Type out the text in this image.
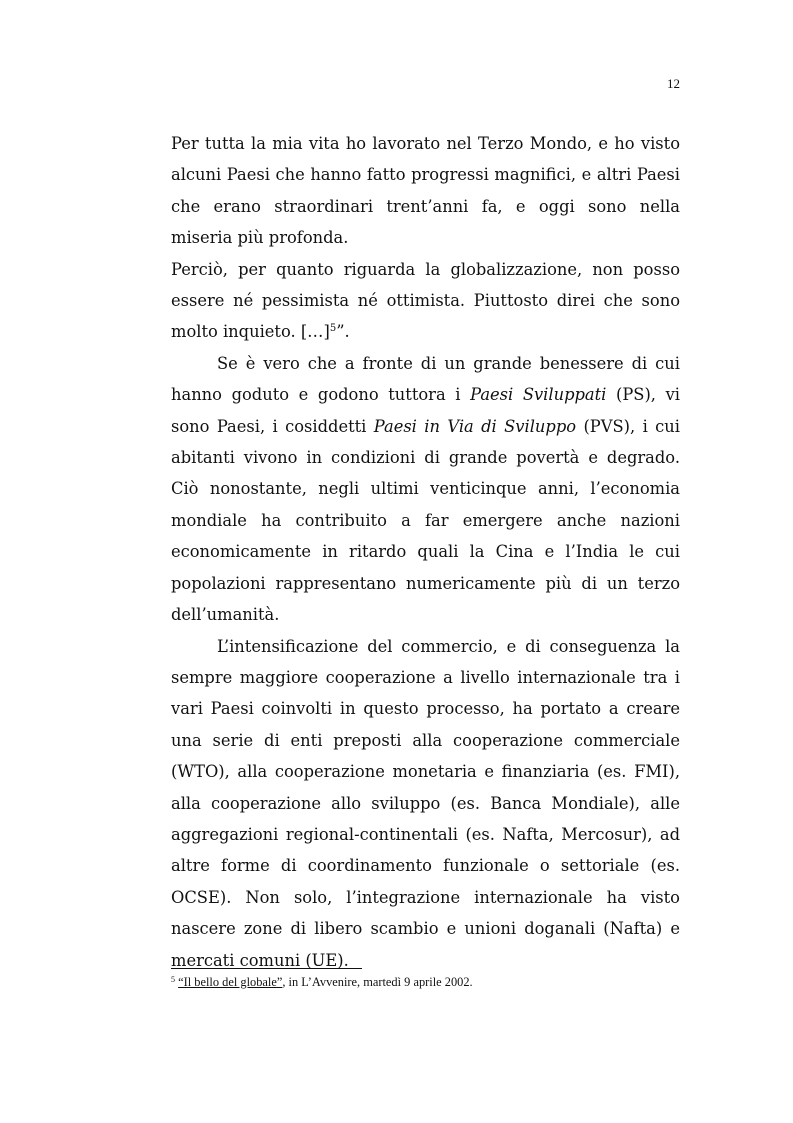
12

Per tutta la mia vita ho lavorato nel Terzo Mondo, e ho visto alcuni Paesi che hanno fatto progressi magnifici, e altri Paesi che erano straordinari trent’anni fa, e oggi sono nella miseria più profonda.

Perciò, per quanto riguarda la globalizzazione, non posso essere né pessimista né ottimista. Piuttosto direi che sono molto inquieto. […]$^5$”.

Se è vero che a fronte di un grande benessere di cui hanno goduto e godono tuttora i Paesi Sviluppati (PS), vi sono Paesi, i cosiddetti Paesi in Via di Sviluppo (PVS), i cui abitanti vivono in condizioni di grande povertà e degrado. Ciò nonostante, negli ultimi venticinque anni, l’economia mondiale ha contribuito a far emergere anche nazioni economicamente in ritardo quali la Cina e l’India le cui popolazioni rappresentano numericamente più di un terzo dell’umanità.

L’intensificazione del commercio, e di conseguenza la sempre maggiore cooperazione a livello internazionale tra i vari Paesi coinvolti in questo processo, ha portato a creare una serie di enti preposti alla cooperazione commerciale (WTO), alla cooperazione monetaria e finanziaria (es. FMI), alla cooperazione allo sviluppo (es. Banca Mondiale), alle aggregazioni regional-continentali (es. Nafta, Mercosur), ad altre forme di coordinamento funzionale o settoriale (es. OCSE). Non solo, l’integrazione internazionale ha visto nascere zone di libero scambio e unioni doganali (Nafta) e mercati comuni (UE).

$^5$ “Il bello del globale”, in L’Avvenire, martedì 9 aprile 2002.
